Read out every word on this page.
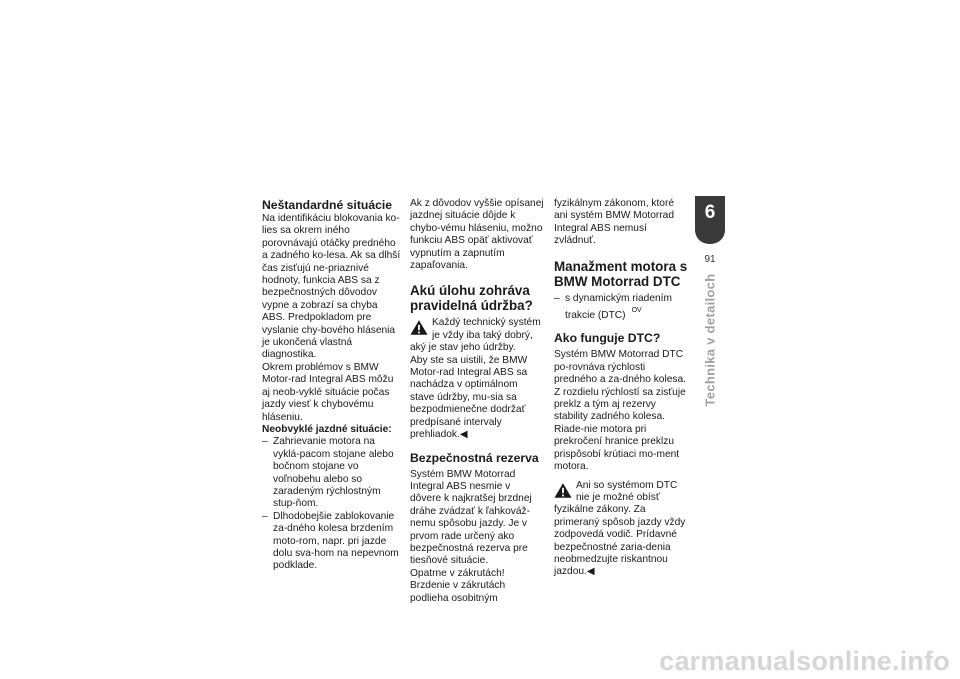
Neštandardné situácie

Na identifikáciu blokovania ko-lies sa okrem iného porovnávajú otáčky predného a zadného ko-lesa. Ak sa dlhší čas zisťujú ne-priaznivé hodnoty, funkcia ABS sa z bezpečnostných dôvodov vypne a zobrazí sa chyba ABS. Predpokladom pre vyslanie chy-bového hlásenia je ukončená vlastná diagnostika.

Okrem problémov s BMW Motor-rad Integral ABS môžu aj neob-vyklé situácie počas jazdy viesť k chybovému hláseniu.

Neobvyklé jazdné situácie:

– Zahrievanie motora na vyklá-pacom stojane alebo bočnom stojane vo voľnobehu alebo so zaradeným rýchlostným stup-ňom.

– Dlhodobejšie zablokovanie za-dného kolesa brzdením moto-rom, napr. pri jazde dolu sva-hom na nepevnom podklade.

Ak z dôvodov vyššie opísanej jazdnej situácie dôjde k chybo-vému hláseniu, možno funkciu ABS opäť aktivovať vypnutím a zapnutím zapaľovania.

Akú úlohu zohráva pravidelná údržba?

Každý technický systém je vždy iba taký dobrý, aký je stav jeho údržby.

Aby ste sa uistili, že BMW Motor-rad Integral ABS sa nachádza v optimálnom stave údržby, mu-sia sa bezpodmienečne dodržať predpísané intervaly prehliadok.◀

Bezpečnostná rezerva

Systém BMW Motorrad Integral ABS nesmie v dôvere k najkratšej brzdnej dráhe zvádzať k ľahkováž-nemu spôsobu jazdy. Je v prvom rade určený ako bezpečnostná rezerva pre tiesňové situácie.

Opatrne v zákrutách! Brzdenie v zákrutách podlieha osobitným

fyzikálnym zákonom, ktoré ani systém BMW Motorrad Integral ABS nemusí zvládnuť.

Manažment motora s BMW Motorrad DTC

– s dynamickým riadením trakcie (DTC) $^{OV}$

Ako funguje DTC?

Systém BMW Motorrad DTC po-rovnáva rýchlosti predného a za-dného kolesa. Z rozdielu rýchlostí sa zisťuje preklz a tým aj rezervy stability zadného kolesa. Riade-nie motora pri prekročení hranice preklzu prispôsobí krútiaci mo-ment motora.

Ani so systémom DTC nie je možné obísť fyzikálne zákony. Za primeraný spôsob jazdy vždy zodpovedá vodič. Prídavné bezpečnostné zaria-denia neobmedzujte riskantnou jazdou.◀

6
91
Technika v detailoch
carmanualsonline.info
